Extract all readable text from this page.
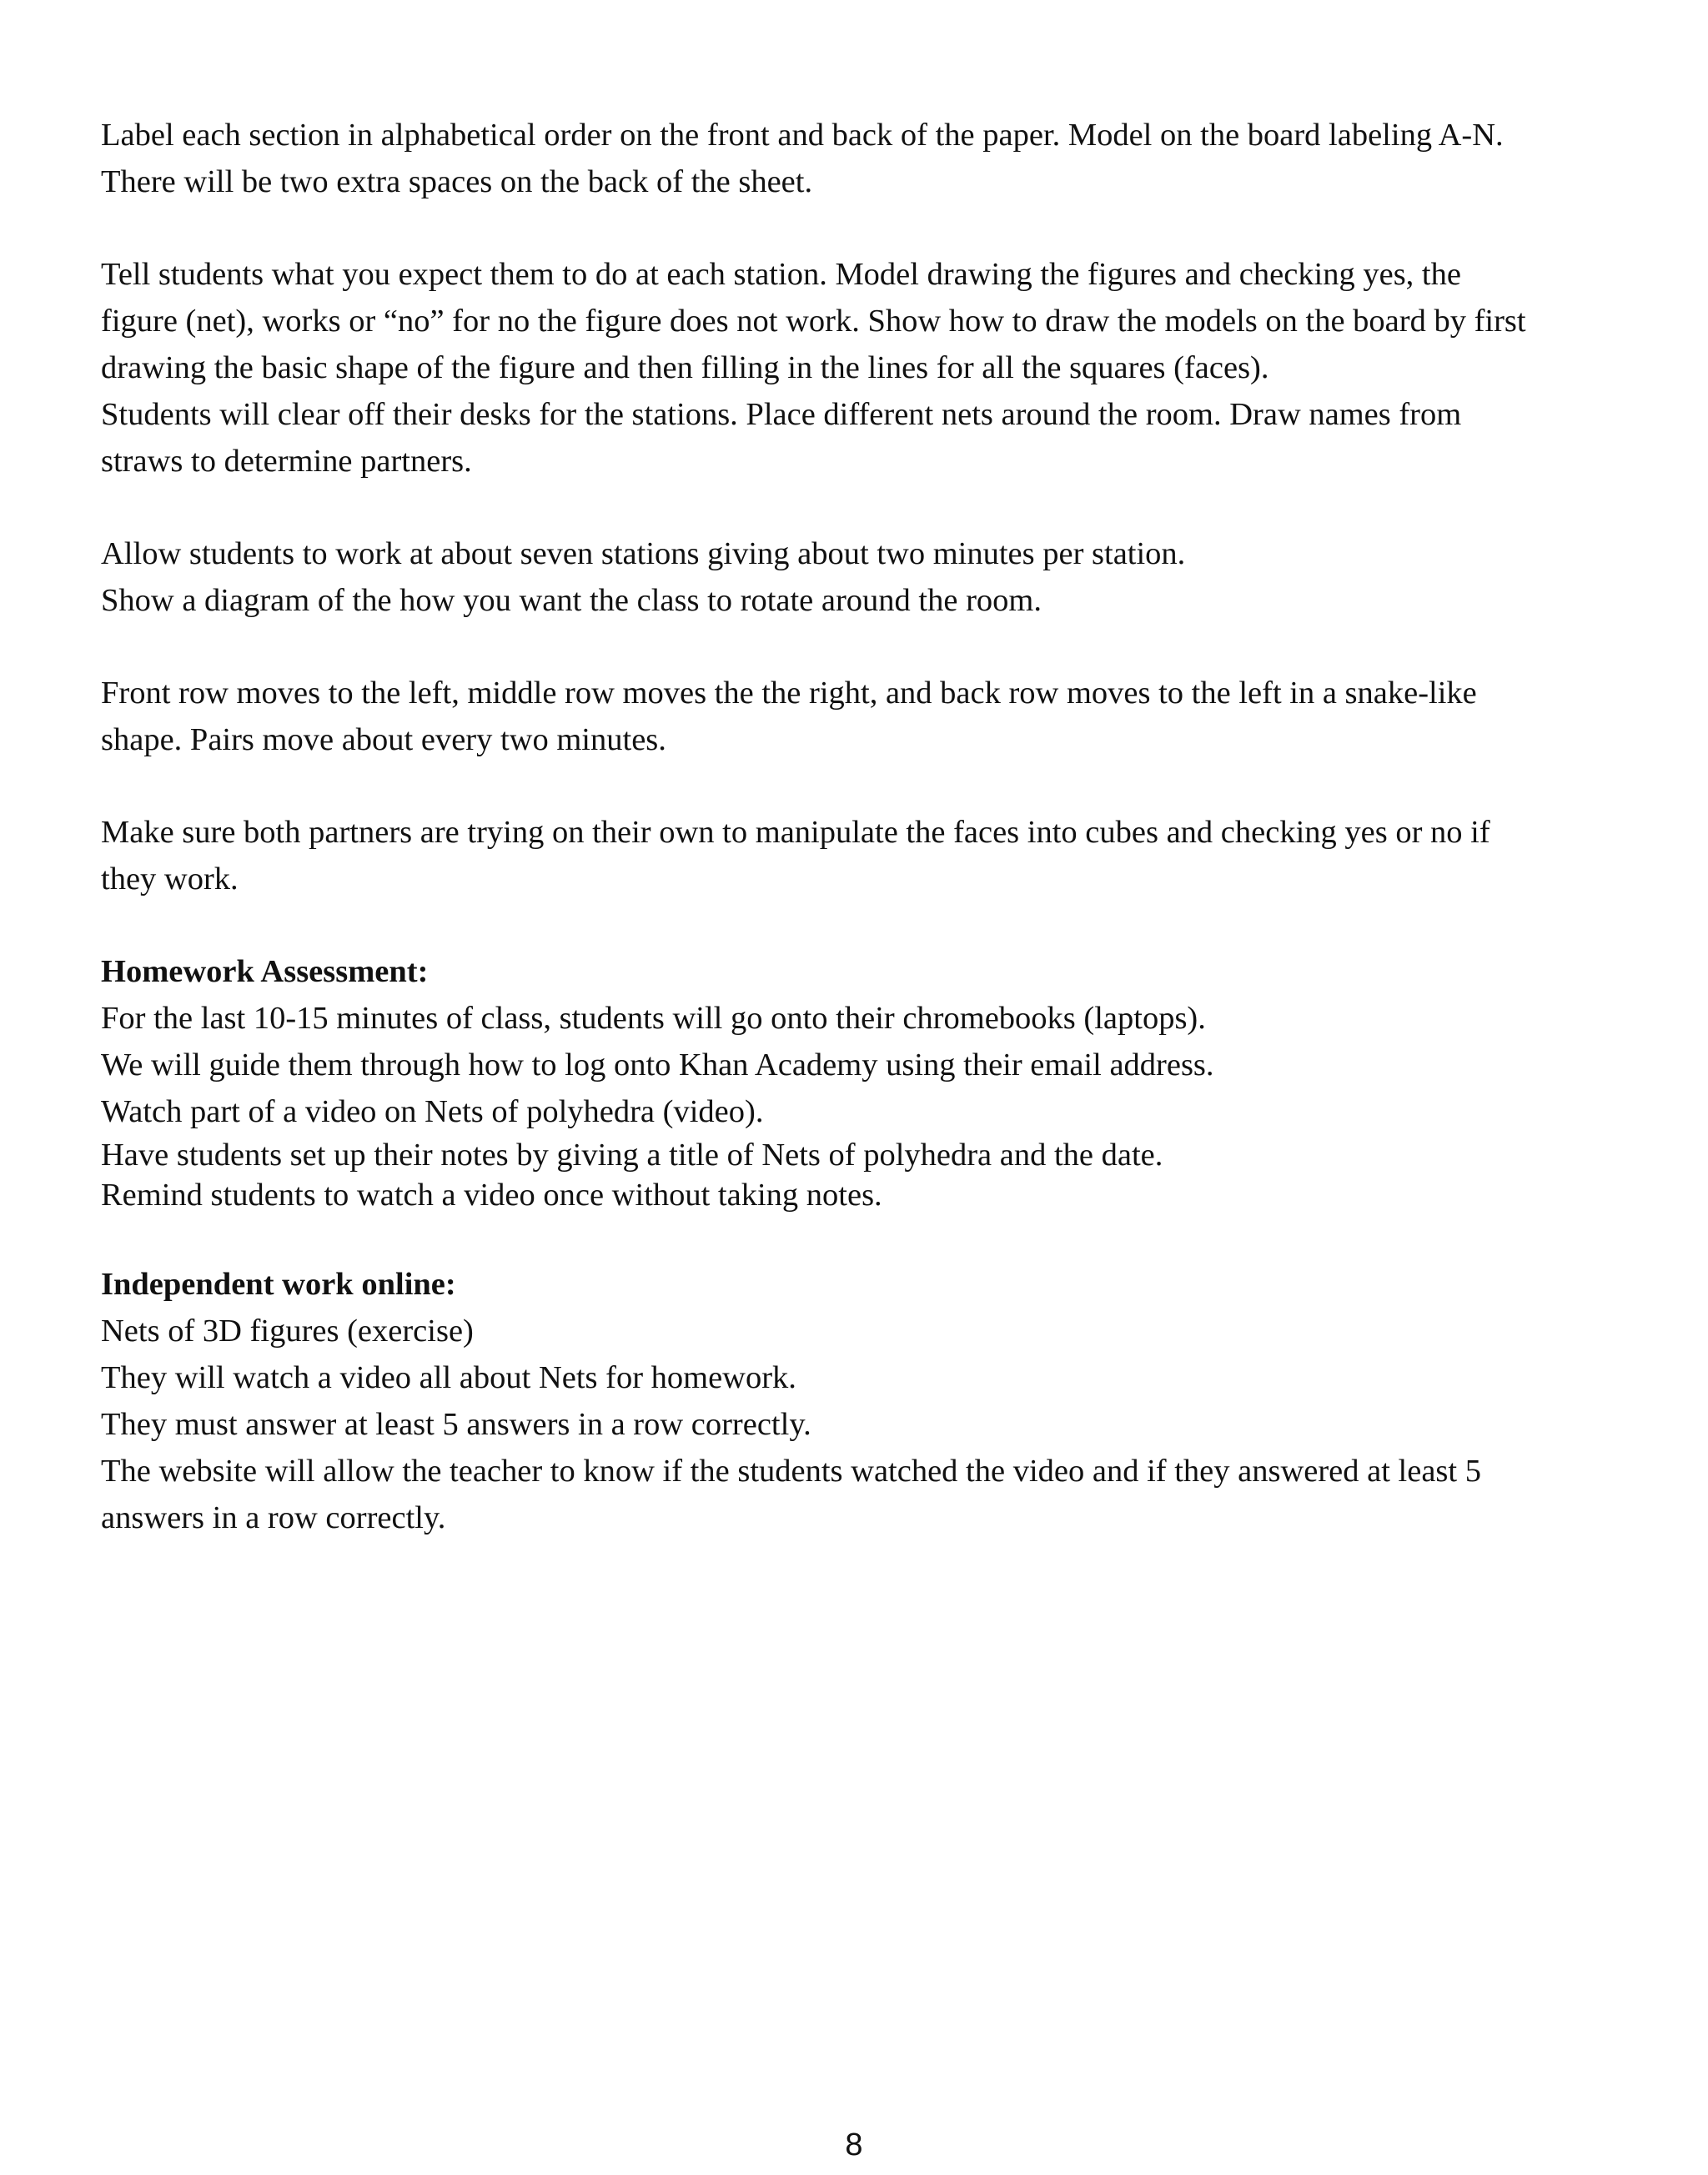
Label each section in alphabetical order on the front and back of the paper. Model on the board labeling A-N.
There will be two extra spaces on the back of the sheet.
Tell students what you expect them to do at each station. Model drawing the figures and checking yes, the
figure (net), works or “no” for no the figure does not work. Show how to draw the models on the board by first
drawing the basic shape of the figure and then filling in the lines for all the squares (faces).
Students will clear off their desks for the stations. Place different nets around the room. Draw names from
straws to determine partners.
Allow students to work at about seven stations giving about two minutes per station.
Show a diagram of the how you want the class to rotate around the room.
Front row moves to the left, middle row moves the the right, and back row moves to the left in a snake-like
shape. Pairs move about every two minutes.
Make sure both partners are trying on their own to manipulate the faces into cubes and checking yes or no if
they work.
Homework Assessment:
For the last 10-15 minutes of class, students will go onto their chromebooks (laptops).
We will guide them through how to log onto Khan Academy using their email address.
Watch part of a video on Nets of polyhedra (video).
Have students set up their notes by giving a title of Nets of polyhedra and the date.
Remind students to watch a video once without taking notes.
Independent work online:
Nets of 3D figures (exercise)
They will watch a video all about Nets for homework.
They must answer at least 5 answers in a row correctly.
The website will allow the teacher to know if the students watched the video and if they answered at least 5
answers in a row correctly.
8
